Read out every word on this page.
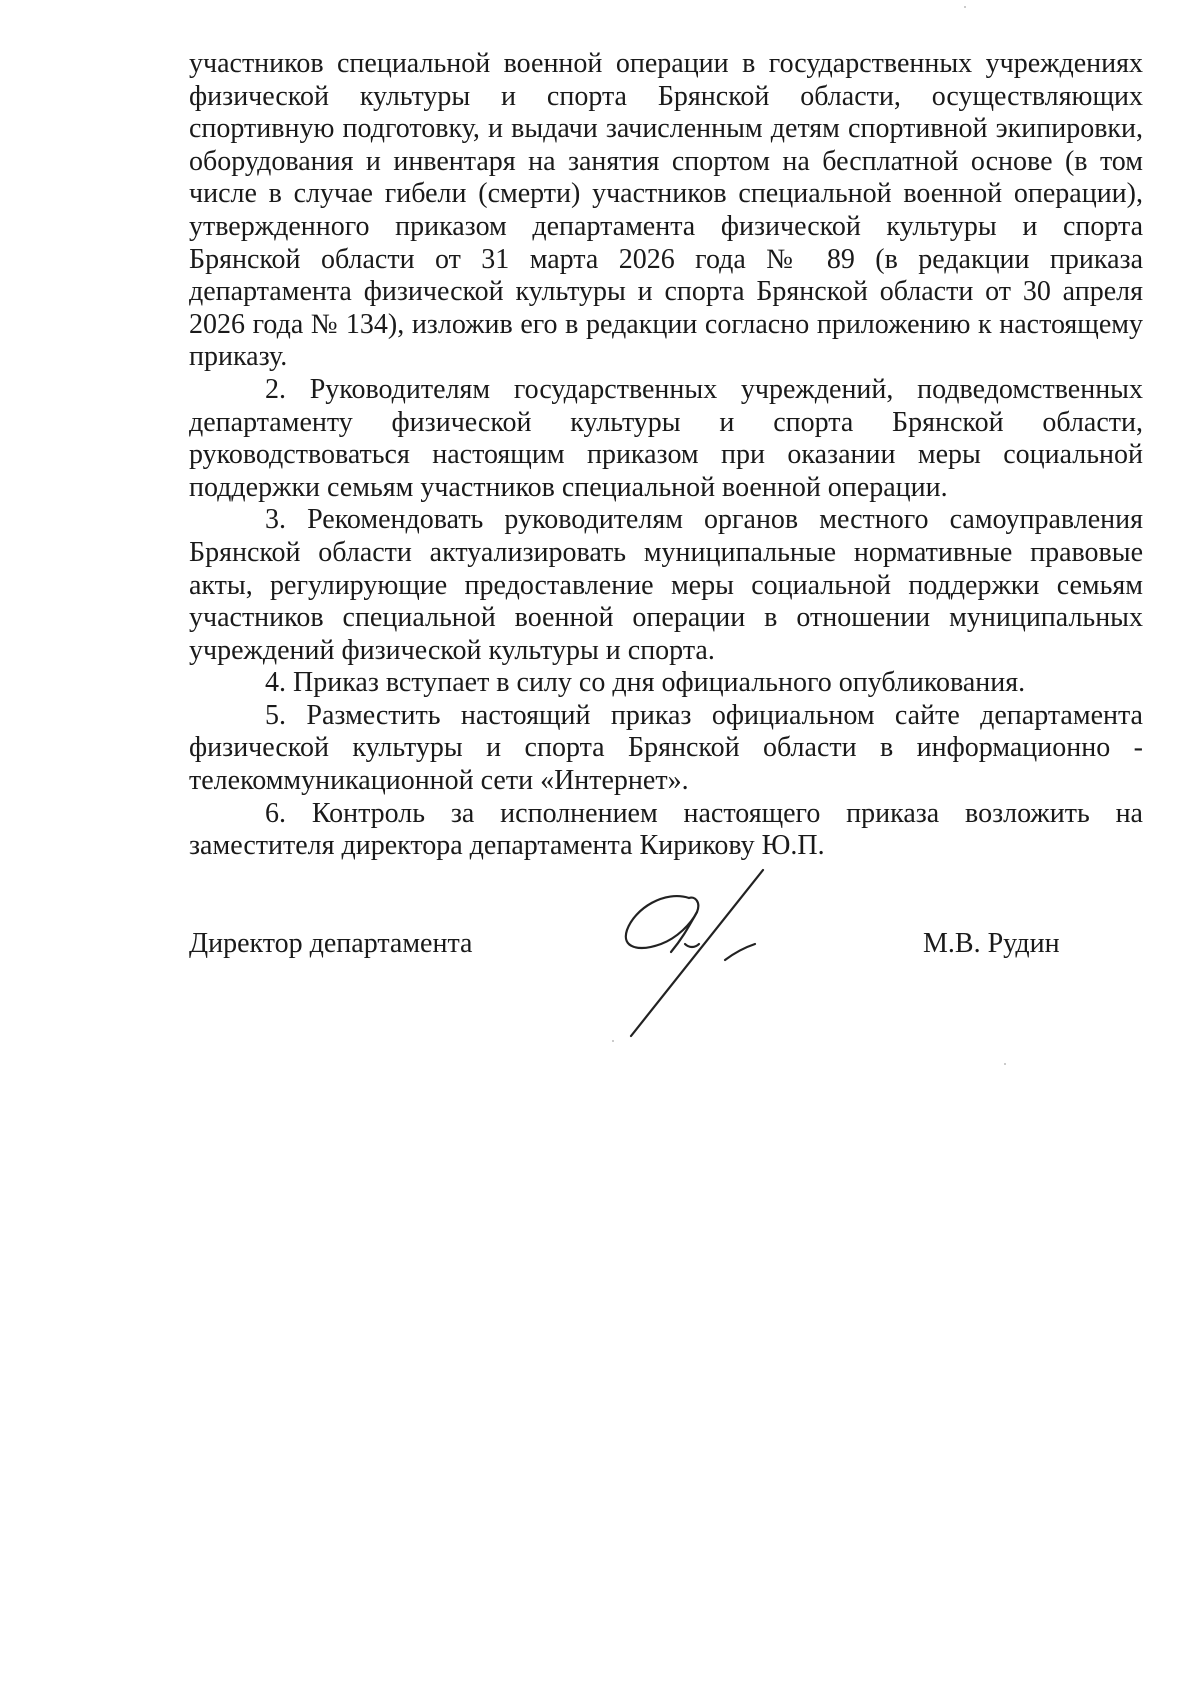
участников специальной военной операции в государственных учреждениях физической культуры и спорта Брянской области, осуществляющих спортивную подготовку, и выдачи зачисленным детям спортивной экипировки, оборудования и инвентаря на занятия спортом на бесплатной основе (в том числе в случае гибели (смерти) участников специальной военной операции), утвержденного приказом департамента физической культуры и спорта Брянской области от 31 марта 2026 года № 89 (в редакции приказа департамента физической культуры и спорта Брянской области от 30 апреля 2026 года № 134), изложив его в редакции согласно приложению к настоящему приказу.

2. Руководителям государственных учреждений, подведомственных департаменту физической культуры и спорта Брянской области, руководствоваться настоящим приказом при оказании меры социальной поддержки семьям участников специальной военной операции.

3. Рекомендовать руководителям органов местного самоуправления Брянской области актуализировать муниципальные нормативные правовые акты, регулирующие предоставление меры социальной поддержки семьям участников специальной военной операции в отношении муниципальных учреждений физической культуры и спорта.

4. Приказ вступает в силу со дня официального опубликования.

5. Разместить настоящий приказ официальном сайте департамента физической культуры и спорта Брянской области в информационно - телекоммуникационной сети «Интернет».

6. Контроль за исполнением настоящего приказа возложить на заместителя директора департамента Кирикову Ю.П.

Директор департамента	М.В. Рудин
